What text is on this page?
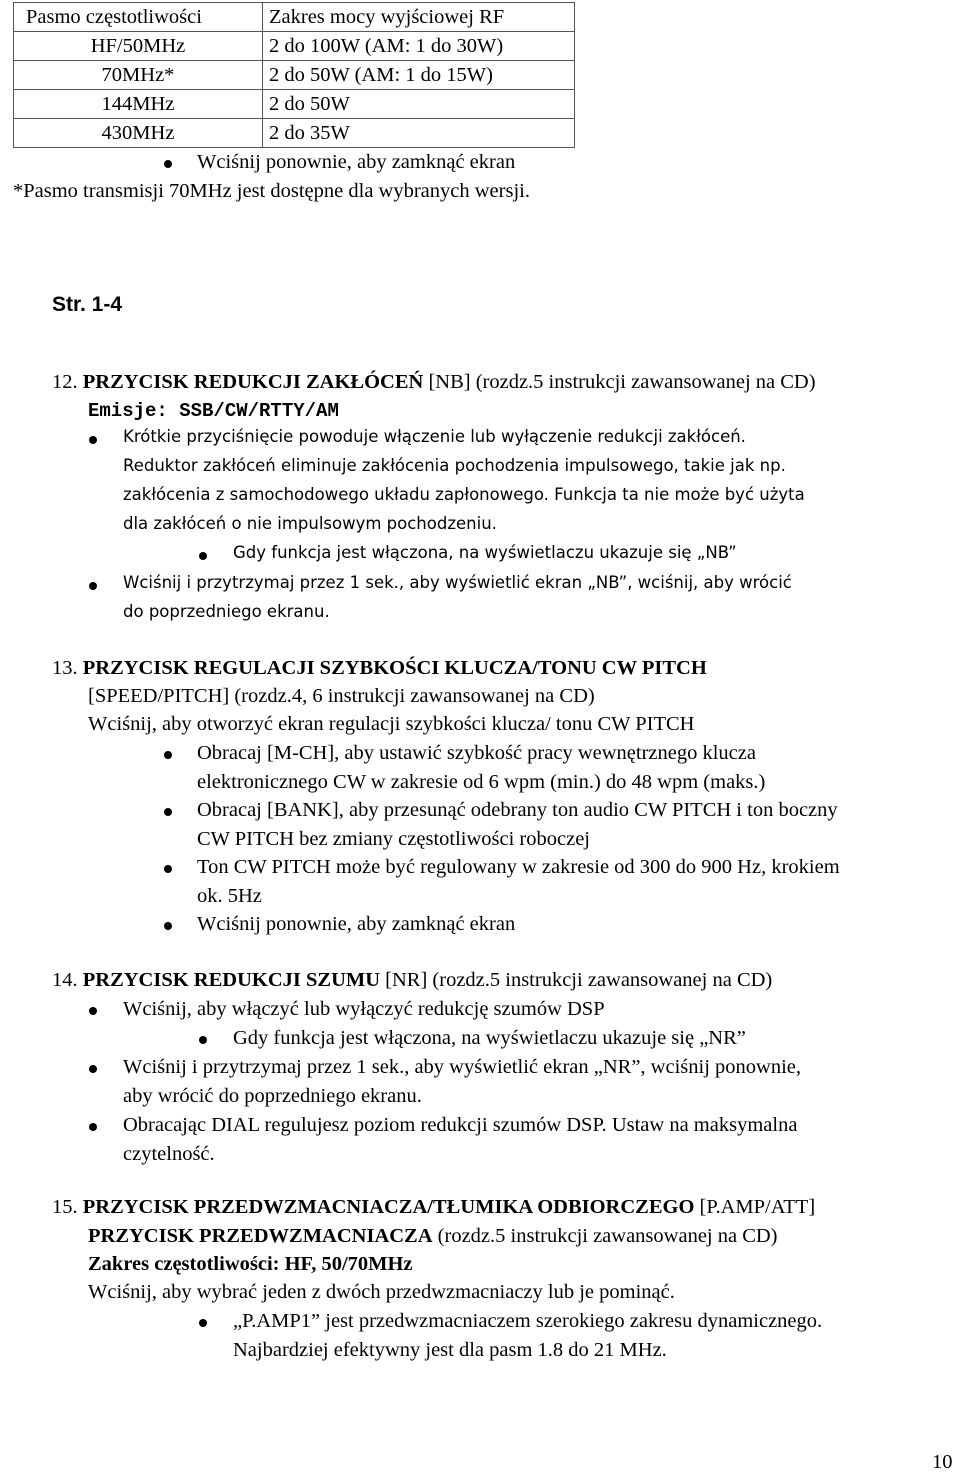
Pasmo częstotliwości	Zakres mocy wyjściowej RF
HF/50MHz	2 do 100W (AM: 1 do 30W)
70MHz*	2 do 50W (AM: 1 do 15W)
144MHz	2 do 50W
430MHz	2 do 35W
Wciśnij ponownie, aby zamknąć ekran
*Pasmo transmisji 70MHz jest dostępne dla wybranych wersji.
Str. 1-4
12. PRZYCISK REDUKCJI ZAKŁÓCEŃ [NB] (rozdz.5 instrukcji zawansowanej na CD)
Emisje: SSB/CW/RTTY/AM
Krótkie przyciśnięcie powoduje włączenie lub wyłączenie redukcji zakłóceń.
Reduktor zakłóceń eliminuje zakłócenia pochodzenia impulsowego, takie jak np.
zakłócenia z samochodowego układu zapłonowego. Funkcja ta nie może być użyta
dla zakłóceń o nie impulsowym pochodzeniu.
Gdy funkcja jest włączona, na wyświetlaczu ukazuje się „NB”
Wciśnij i przytrzymaj przez 1 sek., aby wyświetlić ekran „NB”, wciśnij, aby wrócić
do poprzedniego ekranu.
13. PRZYCISK REGULACJI SZYBKOŚCI KLUCZA/TONU CW PITCH
[SPEED/PITCH] (rozdz.4, 6 instrukcji zawansowanej na CD)
Wciśnij, aby otworzyć ekran regulacji szybkości klucza/ tonu CW PITCH
Obracaj [M-CH], aby ustawić szybkość pracy wewnętrznego klucza
elektronicznego CW w zakresie od 6 wpm (min.) do 48 wpm (maks.)
Obracaj [BANK], aby przesunąć odebrany ton audio CW PITCH i ton boczny
CW PITCH bez zmiany częstotliwości roboczej
Ton CW PITCH może być regulowany w zakresie od 300 do 900 Hz, krokiem
ok. 5Hz
Wciśnij ponownie, aby zamknąć ekran
14. PRZYCISK REDUKCJI SZUMU [NR] (rozdz.5 instrukcji zawansowanej na CD)
Wciśnij, aby włączyć lub wyłączyć redukcję szumów DSP
Gdy funkcja jest włączona, na wyświetlaczu ukazuje się „NR”
Wciśnij i przytrzymaj przez 1 sek., aby wyświetlić ekran „NR”, wciśnij ponownie,
aby wrócić do poprzedniego ekranu.
Obracając DIAL regulujesz poziom redukcji szumów DSP. Ustaw na maksymalna
czytelność.
15. PRZYCISK PRZEDWZMACNIACZA/TŁUMIKA ODBIORCZEGO [P.AMP/ATT]
PRZYCISK PRZEDWZMACNIACZA (rozdz.5 instrukcji zawansowanej na CD)
Zakres częstotliwości: HF, 50/70MHz
Wciśnij, aby wybrać jeden z dwóch przedwzmacniaczy lub je pominąć.
„P.AMP1” jest przedwzmacniaczem szerokiego zakresu dynamicznego.
Najbardziej efektywny jest dla pasm 1.8 do 21 MHz.
10
